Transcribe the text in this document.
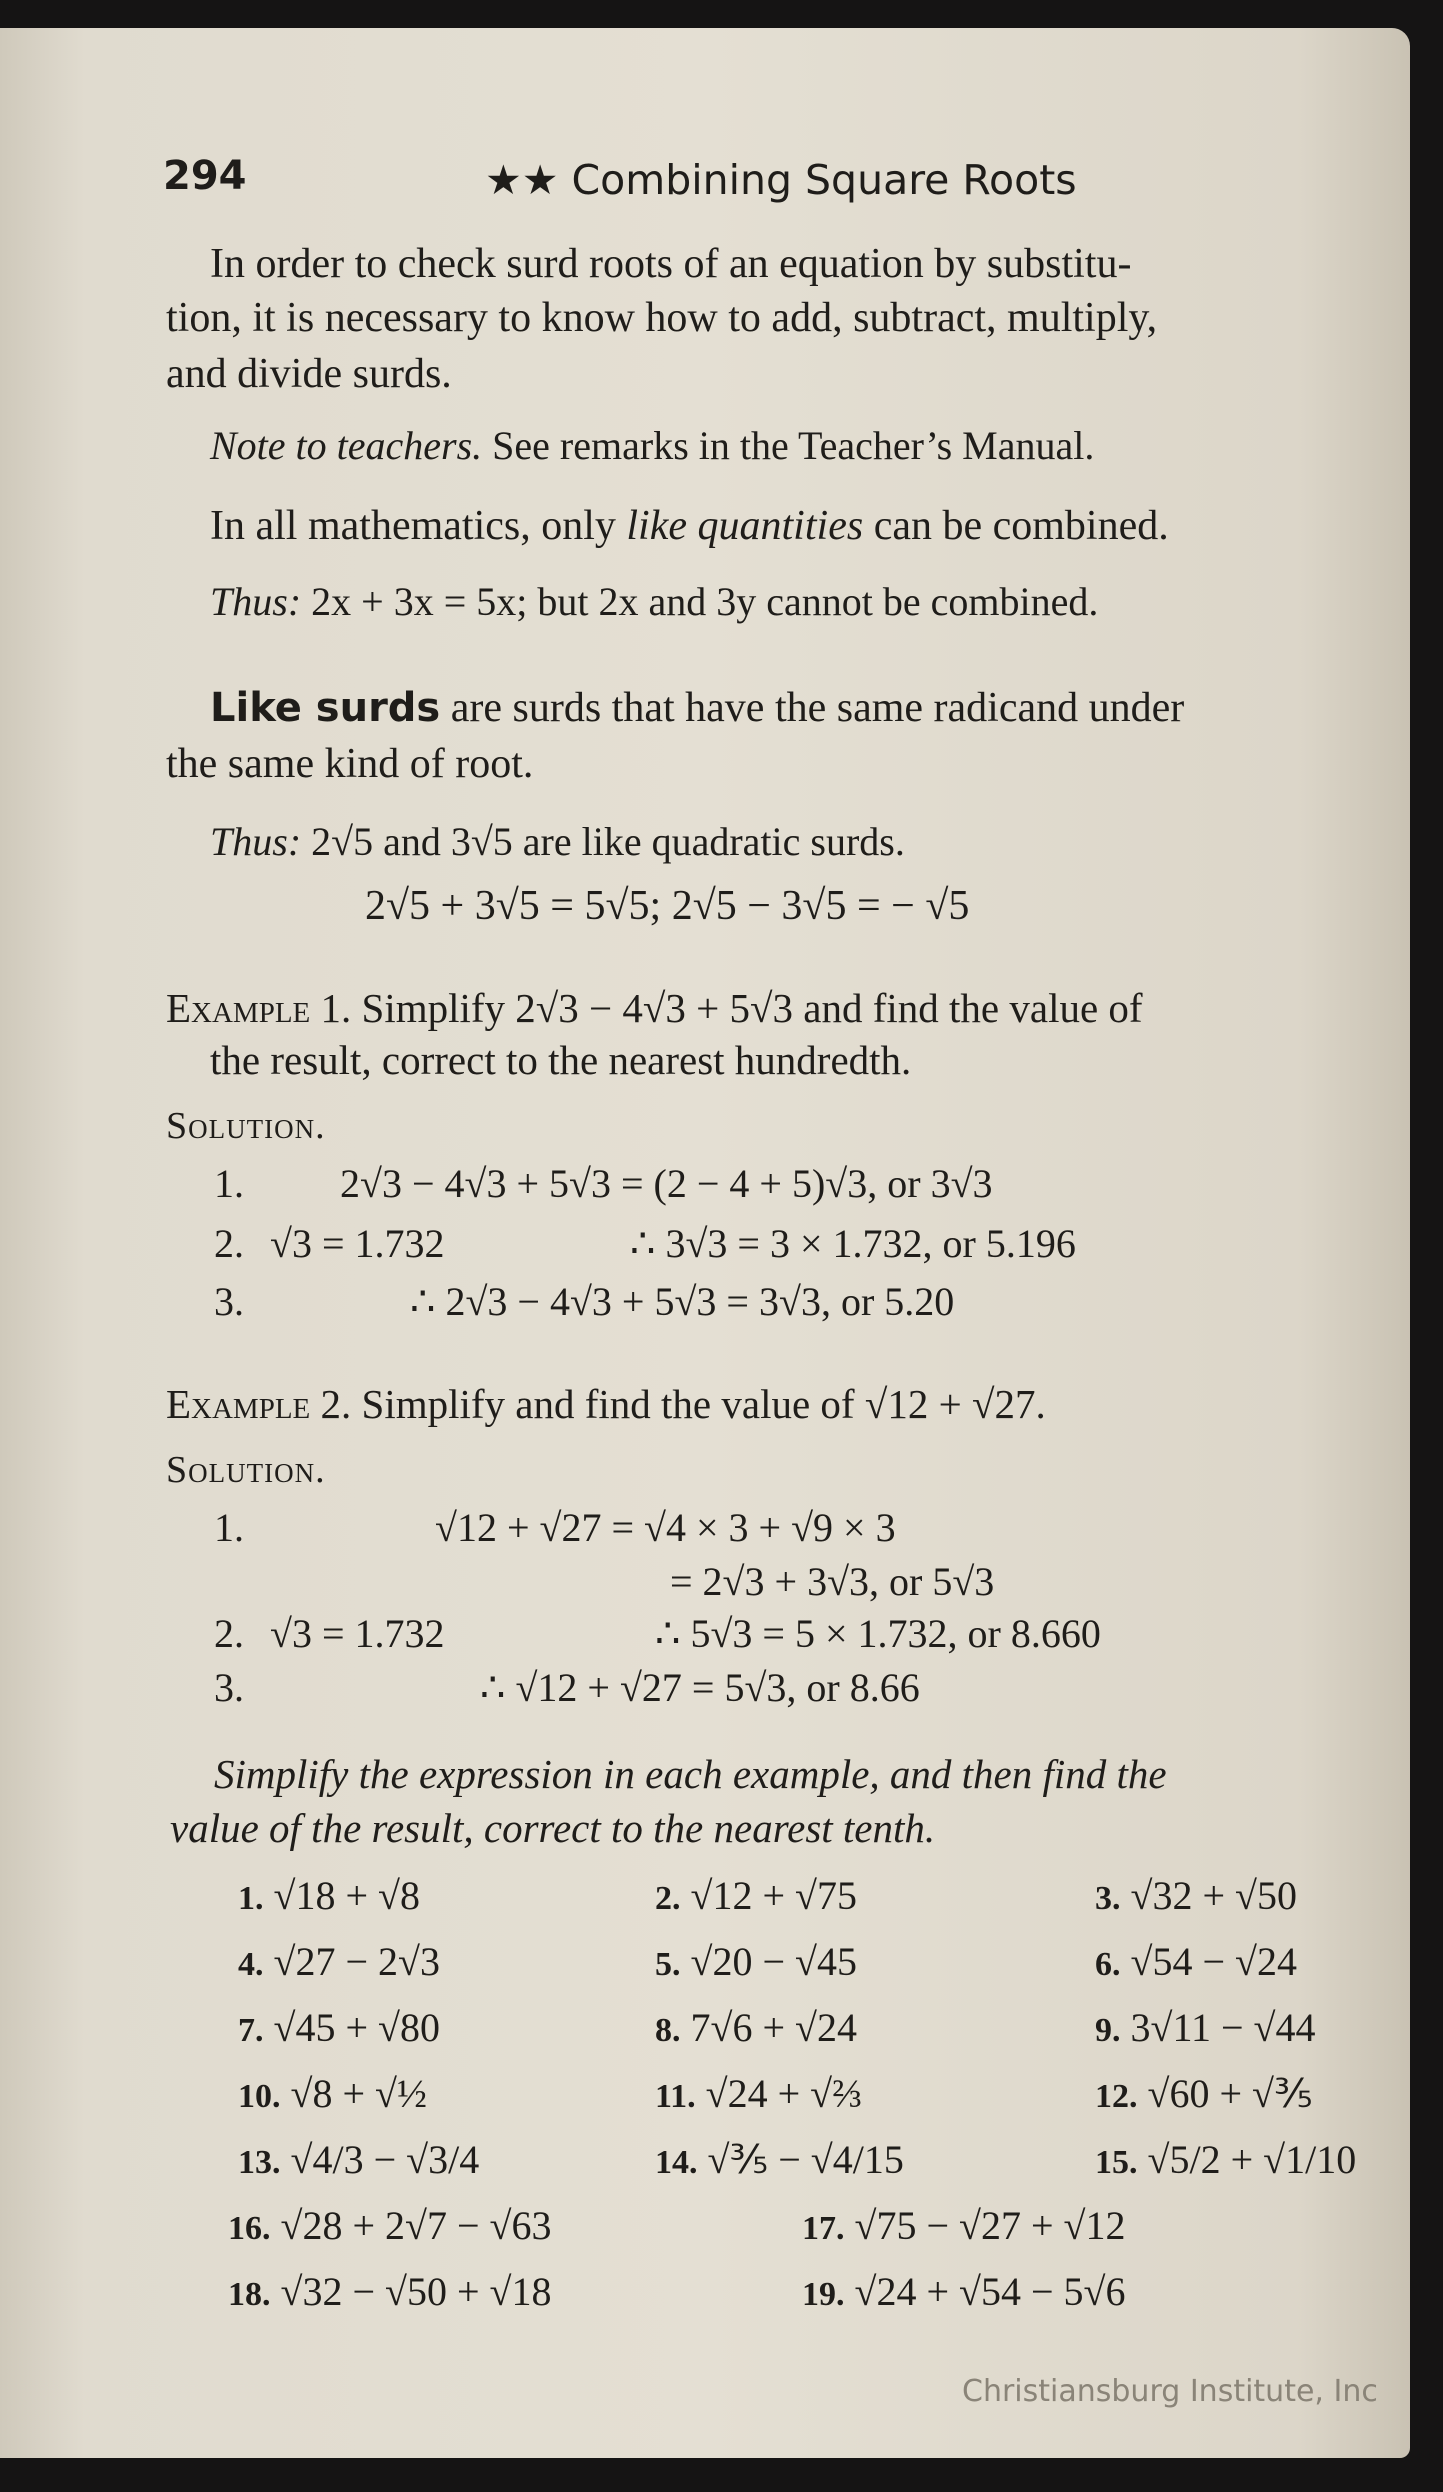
294	★★ Combining Square Roots
In order to check surd roots of an equation by substitu-
tion, it is necessary to know how to add, subtract, multiply,
and divide surds.
Note to teachers. See remarks in the Teacher’s Manual.
In all mathematics, only like quantities can be combined.
Thus: 2x + 3x = 5x; but 2x and 3y cannot be combined.
Like surds are surds that have the same radicand under
the same kind of root.
Thus: 2√5 and 3√5 are like quadratic surds.
2√5 + 3√5 = 5√5; 2√5 − 3√5 = − √5
Example 1. Simplify 2√3 − 4√3 + 5√3 and find the value of
the result, correct to the nearest hundredth.
Solution.
1. 2√3 − 4√3 + 5√3 = (2 − 4 + 5)√3, or 3√3
2. √3 = 1.732	∴ 3√3 = 3 × 1.732, or 5.196
3.	∴ 2√3 − 4√3 + 5√3 = 3√3, or 5.20
Example 2. Simplify and find the value of √12 + √27.
Solution.
1.	√12 + √27 = √4 × 3 + √9 × 3
= 2√3 + 3√3, or 5√3
2. √3 = 1.732	∴ 5√3 = 5 × 1.732, or 8.660
3.	∴ √12 + √27 = 5√3, or 8.66
Simplify the expression in each example, and then find the
value of the result, correct to the nearest tenth.
1. √18 + √8	2. √12 + √75	3. √32 + √50
4. √27 − 2√3	5. √20 − √45	6. √54 − √24
7. √45 + √80	8. 7√6 + √24	9. 3√11 − √44
10. √8 + √½	11. √24 + √⅔	12. √60 + √⅗
13. √4/3 − √3/4	14. √⅗ − √4/15	15. √5/2 + √1/10
16. √28 + 2√7 − √63	17. √75 − √27 + √12
18. √32 − √50 + √18	19. √24 + √54 − 5√6
Christiansburg Institute, Inc
